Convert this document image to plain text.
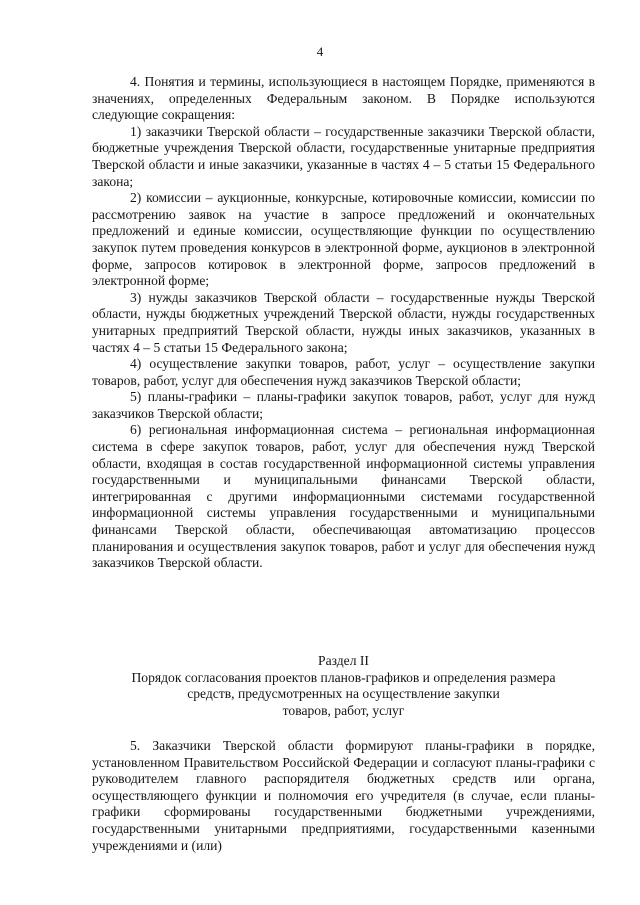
4

4. Понятия и термины, использующиеся в настоящем Порядке, применяются в значениях, определенных Федеральным законом. В Порядке используются следующие сокращения:

1) заказчики Тверской области – государственные заказчики Тверской области, бюджетные учреждения Тверской области, государственные унитарные предприятия Тверской области и иные заказчики, указанные в частях 4 – 5 статьи 15 Федерального закона;

2) комиссии – аукционные, конкурсные, котировочные комиссии, комиссии по рассмотрению заявок на участие в запросе предложений и окончательных предложений и единые комиссии, осуществляющие функции по осуществлению закупок путем проведения конкурсов в электронной форме, аукционов в электронной форме, запросов котировок в электронной форме, запросов предложений в электронной форме;

3) нужды заказчиков Тверской области – государственные нужды Тверской области, нужды бюджетных учреждений Тверской области, нужды государственных унитарных предприятий Тверской области, нужды иных заказчиков, указанных в частях 4 – 5 статьи 15 Федерального закона;

4) осуществление закупки товаров, работ, услуг – осуществление закупки товаров, работ, услуг для обеспечения нужд заказчиков Тверской области;

5) планы-графики – планы-графики закупок товаров, работ, услуг для нужд заказчиков Тверской области;

6) региональная информационная система – региональная информационная система в сфере закупок товаров, работ, услуг для обеспечения нужд Тверской области, входящая в состав государственной информационной системы управления государственными и муниципальными финансами Тверской области, интегрированная с другими информационными системами государственной информационной системы управления государственными и муниципальными финансами Тверской области, обеспечивающая автоматизацию процессов планирования и осуществления закупок товаров, работ и услуг для обеспечения нужд заказчиков Тверской области.

Раздел II
Порядок согласования проектов планов-графиков и определения размера
средств, предусмотренных на осуществление закупки
товаров, работ, услуг

5. Заказчики Тверской области формируют планы-графики в порядке, установленном Правительством Российской Федерации и согласуют планы-графики с руководителем главного распорядителя бюджетных средств или органа, осуществляющего функции и полномочия его учредителя (в случае, если планы-графики сформированы государственными бюджетными учреждениями, государственными унитарными предприятиями, государственными казенными учреждениями и (или)
